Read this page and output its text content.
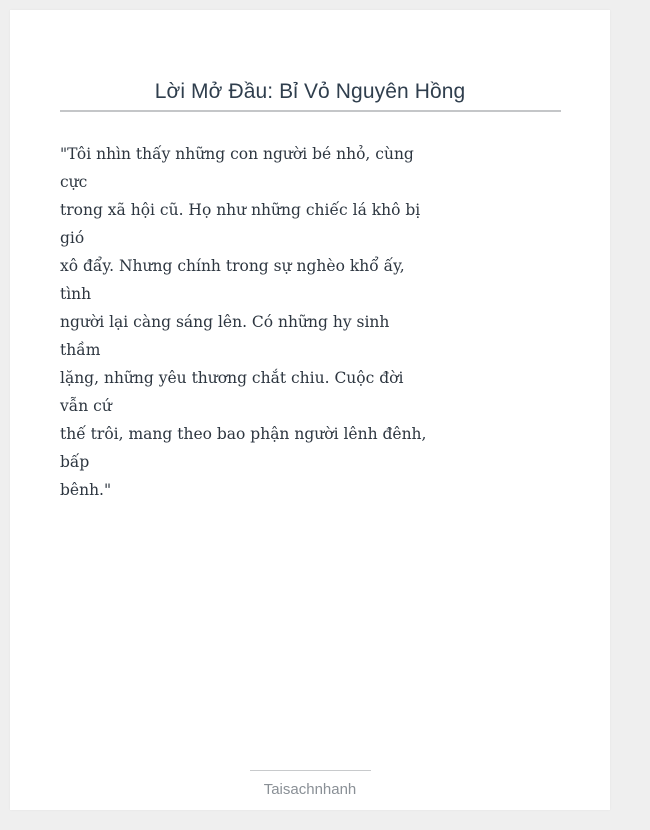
Lời Mở Đầu: Bỉ Vỏ Nguyên Hồng
"Tôi nhìn thấy những con người bé nhỏ, cùng
cực
trong xã hội cũ. Họ như những chiếc lá khô bị
gió
xô đẩy. Nhưng chính trong sự nghèo khổ ấy,
tình
người lại càng sáng lên. Có những hy sinh
thầm
lặng, những yêu thương chắt chiu. Cuộc đời
vẫn cứ
thế trôi, mang theo bao phận người lênh đênh,
bấp
bênh."
Taisachnhanh
